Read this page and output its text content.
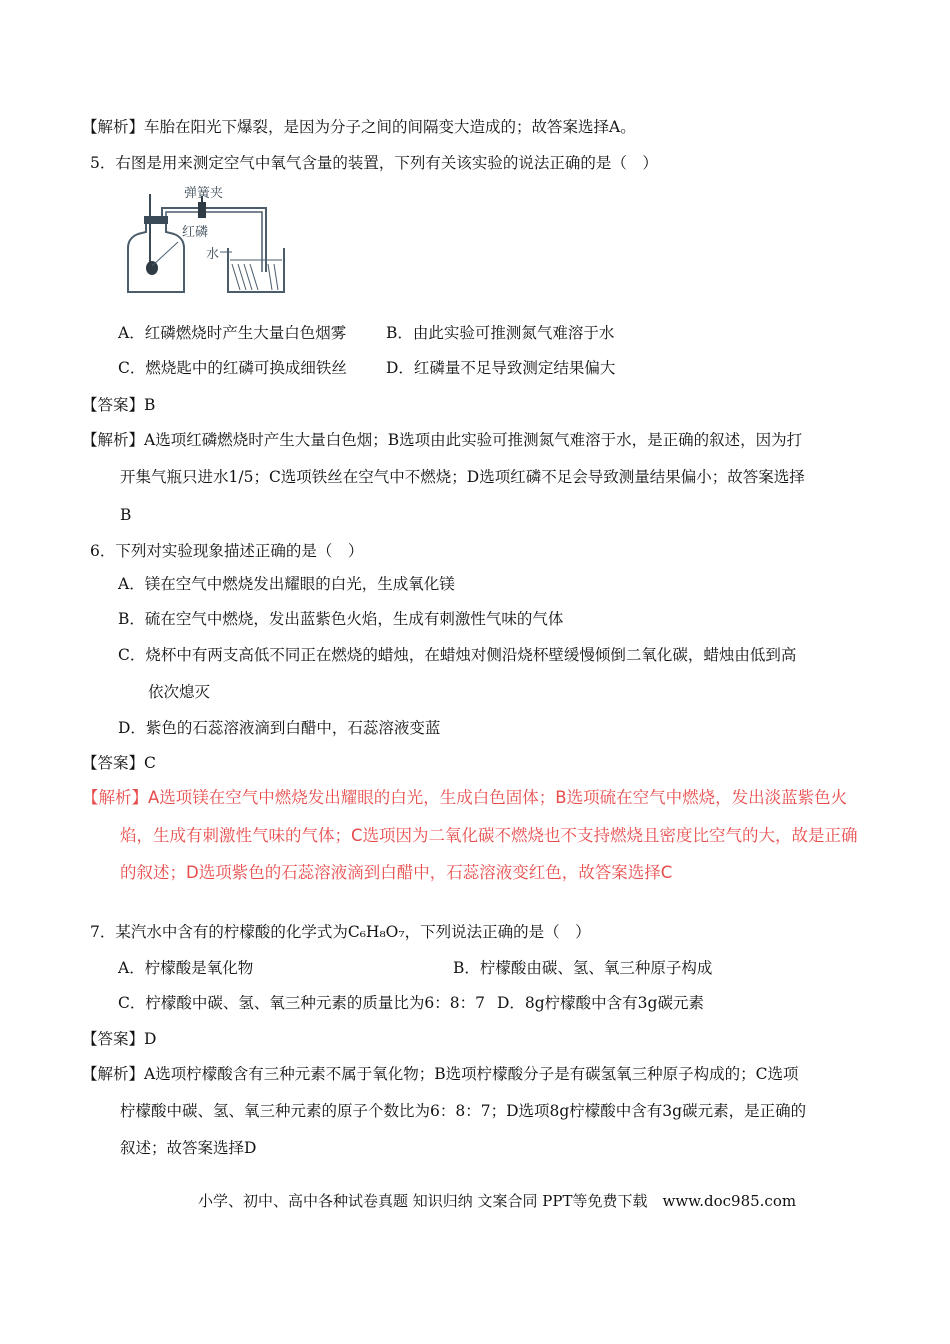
【解析】车胎在阳光下爆裂，是因为分子之间的间隔变大造成的；故答案选择A。
5．右图是用来测定空气中氧气含量的装置，下列有关该实验的说法正确的是（　）
弹簧夹
红磷
水
A．红磷燃烧时产生大量白色烟雾	B．由此实验可推测氮气难溶于水
C．燃烧匙中的红磷可换成细铁丝	D．红磷量不足导致测定结果偏大
【答案】B
【解析】A选项红磷燃烧时产生大量白色烟；B选项由此实验可推测氮气难溶于水，是正确的叙述，因为打
开集气瓶只进水1/5；C选项铁丝在空气中不燃烧；D选项红磷不足会导致测量结果偏小；故答案选择
B
6．下列对实验现象描述正确的是（　）
A．镁在空气中燃烧发出耀眼的白光，生成氧化镁
B．硫在空气中燃烧，发出蓝紫色火焰，生成有刺激性气味的气体
C．烧杯中有两支高低不同正在燃烧的蜡烛，在蜡烛对侧沿烧杯壁缓慢倾倒二氧化碳，蜡烛由低到高
依次熄灭
D．紫色的石蕊溶液滴到白醋中，石蕊溶液变蓝
【答案】C
【解析】A选项镁在空气中燃烧发出耀眼的白光，生成白色固体；B选项硫在空气中燃烧，发出淡蓝紫色火
焰，生成有刺激性气味的气体；C选项因为二氧化碳不燃烧也不支持燃烧且密度比空气的大，故是正确
的叙述；D选项紫色的石蕊溶液滴到白醋中，石蕊溶液变红色，故答案选择C
7．某汽水中含有的柠檬酸的化学式为C₆H₈O₇，下列说法正确的是（　）
A．柠檬酸是氧化物	B．柠檬酸由碳、氢、氧三种原子构成
C．柠檬酸中碳、氢、氧三种元素的质量比为6：8：7 D．8g柠檬酸中含有3g碳元素
【答案】D
【解析】A选项柠檬酸含有三种元素不属于氧化物；B选项柠檬酸分子是有碳氢氧三种原子构成的；C选项
柠檬酸中碳、氢、氧三种元素的原子个数比为6：8：7；D选项8g柠檬酸中含有3g碳元素，是正确的
叙述；故答案选择D
小学、初中、高中各种试卷真题 知识归纳 文案合同 PPT等免费下载　www.doc985.com
